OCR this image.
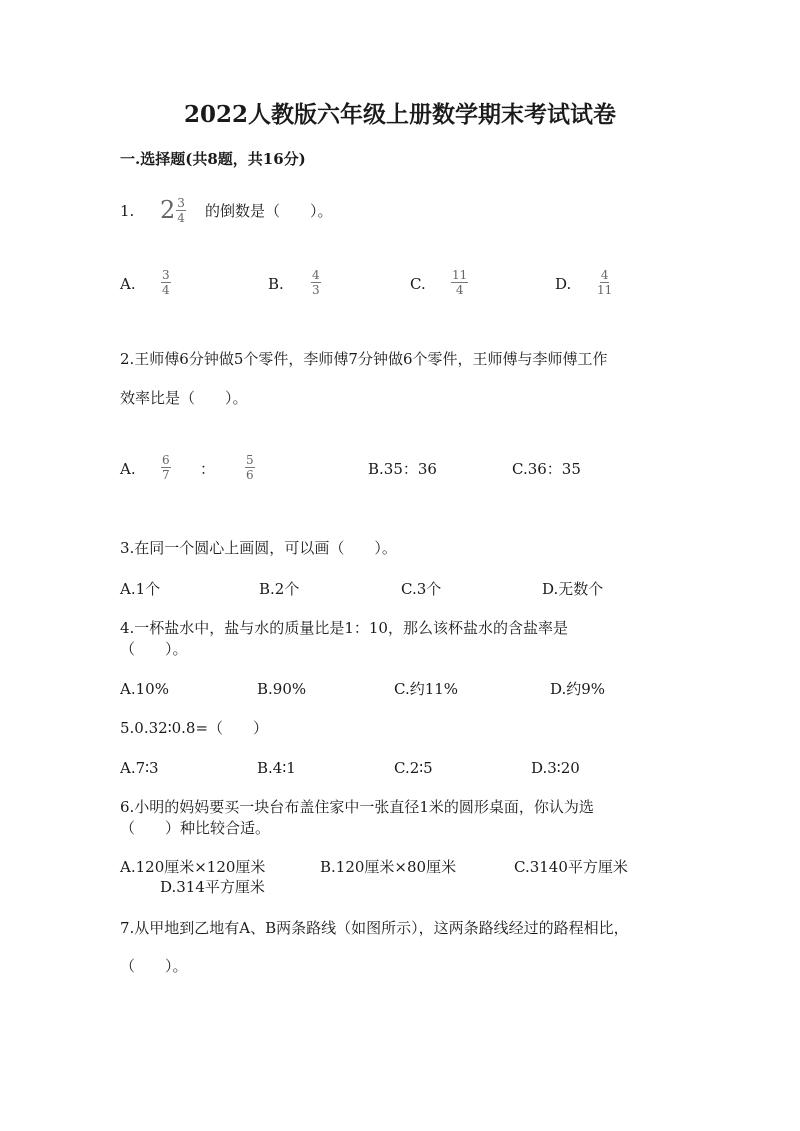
2022人教版六年级上册数学期末考试试卷
一.选择题(共8题，共16分)
1. $2 \frac{3}{4}$ 的倒数是（　　）。
A. $\frac{3}{4}$	B. $\frac{4}{3}$	C. $\frac{11}{4}$	D. $\frac{4}{11}$
2.王师傅6分钟做5个零件，李师傅7分钟做6个零件，王师傅与李师傅工作
效率比是（　　）。
A. $\frac{6}{7}$ ： $\frac{5}{6}$	B.35：36	C.36：35
3.在同一个圆心上画圆，可以画（　　）。
A.1个	B.2个	C.3个	D.无数个
4.一杯盐水中，盐与水的质量比是1：10，那么该杯盐水的含盐率是
（　　）。
A.10%	B.90%	C.约11%	D.约9%
5.0.32∶0.8=（　　）
A.7∶3	B.4∶1	C.2∶5	D.3∶20
6.小明的妈妈要买一块台布盖住家中一张直径1米的圆形桌面，你认为选
（　　）种比较合适。
A.120厘米×120厘米	B.120厘米×80厘米	C.3140平方厘米
D.314平方厘米
7.从甲地到乙地有A、B两条路线（如图所示），这两条路线经过的路程相比，
（　　）。
